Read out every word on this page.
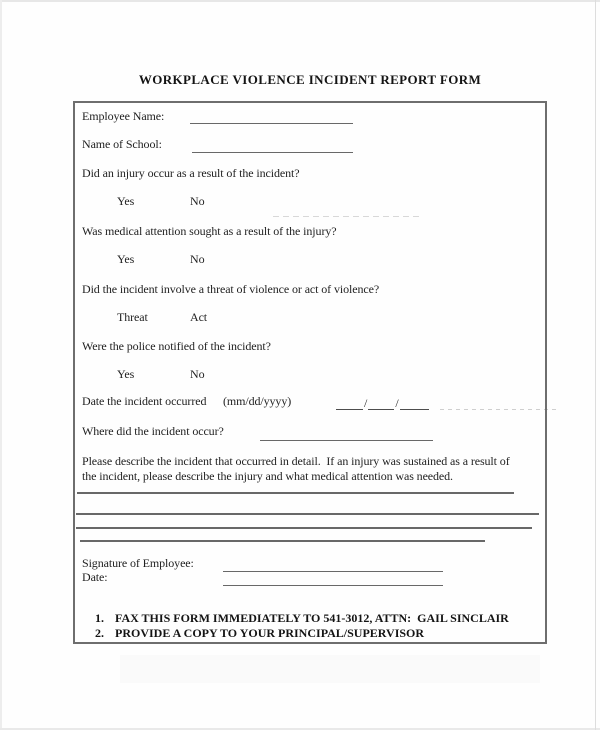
WORKPLACE VIOLENCE INCIDENT REPORT FORM
Employee Name:
Name of School:
Did an injury occur as a result of the incident?
Yes	No
Was medical attention sought as a result of the injury?
Yes	No
Did the incident involve a threat of violence or act of violence?
Threat	Act
Were the police notified of the incident?
Yes	No
Date the incident occurred (mm/dd/yyyy)	/ /
Where did the incident occur?
Please describe the incident that occurred in detail.  If an injury was sustained as a result of
the incident, please describe the injury and what medical attention was needed.
Signature of Employee:
Date:
1. FAX THIS FORM IMMEDIATELY TO 541-3012, ATTN:  GAIL SINCLAIR
2. PROVIDE A COPY TO YOUR PRINCIPAL/SUPERVISOR
